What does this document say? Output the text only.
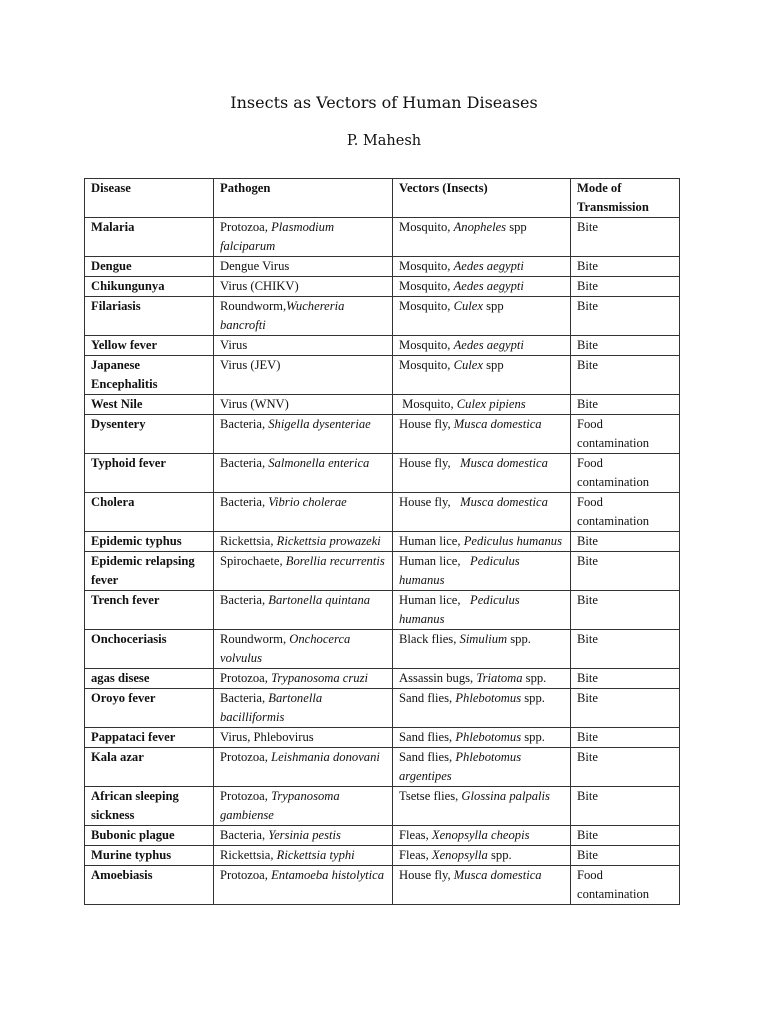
Insects as Vectors of Human Diseases
P. Mahesh
Disease	Pathogen	Vectors (Insects)	Mode of Transmission
Malaria	Protozoa, Plasmodium falciparum	Mosquito, Anopheles spp	Bite
Dengue	Dengue Virus	Mosquito, Aedes aegypti	Bite
Chikungunya	Virus (CHIKV)	Mosquito, Aedes aegypti	Bite
Filariasis	Roundworm,Wuchereria bancrofti	Mosquito, Culex spp	Bite
Yellow fever	Virus	Mosquito, Aedes aegypti	Bite
Japanese Encephalitis	Virus (JEV)	Mosquito, Culex spp	Bite
West Nile	Virus (WNV)	Mosquito, Culex pipiens	Bite
Dysentery	Bacteria, Shigella dysenteriae	House fly, Musca domestica	Food contamination
Typhoid fever	Bacteria, Salmonella enterica	House fly,   Musca domestica	Food contamination
Cholera	Bacteria, Vibrio cholerae	House fly,   Musca domestica	Food contamination
Epidemic typhus	Rickettsia, Rickettsia prowazeki	Human lice, Pediculus humanus	Bite
Epidemic relapsing fever	Spirochaete, Borellia recurrentis	Human lice,   Pediculus humanus	Bite
Trench fever	Bacteria, Bartonella quintana	Human lice,   Pediculus humanus	Bite
Onchoceriasis	Roundworm, Onchocerca volvulus	Black flies, Simulium spp.	Bite
agas disese	Protozoa, Trypanosoma cruzi	Assassin bugs, Triatoma spp.	Bite
Oroyo fever	Bacteria, Bartonella bacilliformis	Sand flies, Phlebotomus spp.	Bite
Pappataci fever	Virus, Phlebovirus	Sand flies, Phlebotomus spp.	Bite
Kala azar	Protozoa, Leishmania donovani	Sand flies, Phlebotomus argentipes	Bite
African sleeping sickness	Protozoa, Trypanosoma gambiense	Tsetse flies, Glossina palpalis	Bite
Bubonic plague	Bacteria, Yersinia pestis	Fleas, Xenopsylla cheopis	Bite
Murine typhus	Rickettsia, Rickettsia typhi	Fleas, Xenopsylla spp.	Bite
Amoebiasis	Protozoa, Entamoeba histolytica	House fly, Musca domestica	Food contamination
